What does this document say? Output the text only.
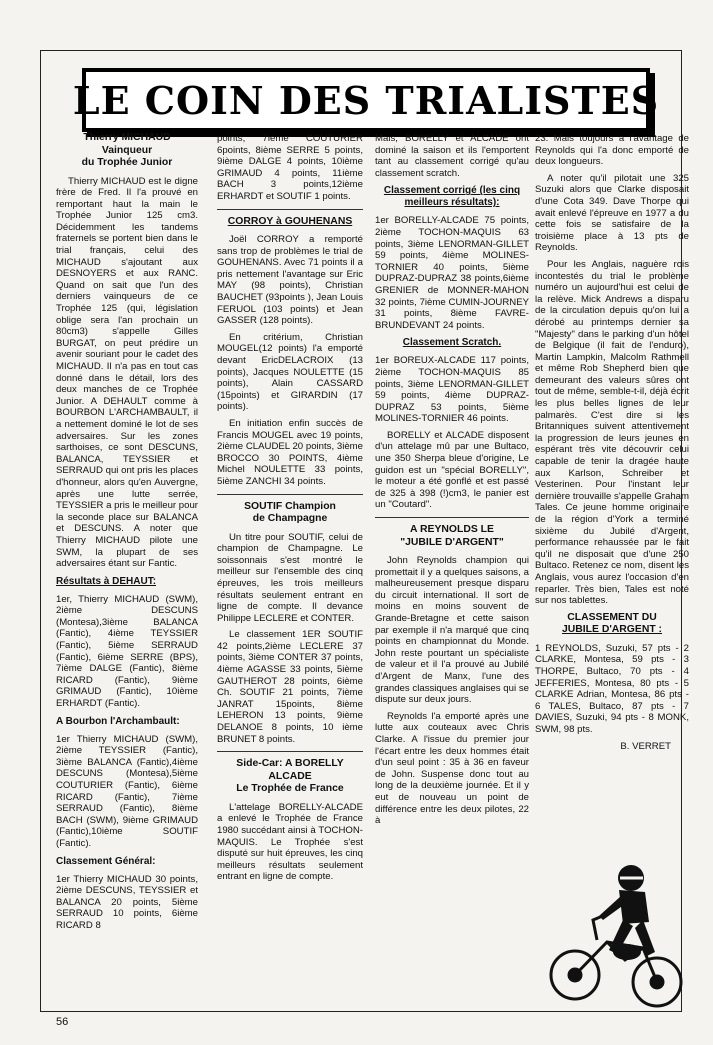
LE COIN DES TRIALISTES
Thierry MICHAUD
Vainqueur
du Trophée Junior

Thierry MICHAUD est le digne frère de Fred. Il l'a prouvé en remportant haut la main le Trophée Junior 125 cm3. Décidemment les tandems fraternels se portent bien dans le trial français, celui des MICHAUD s'ajoutant aux DESNOYERS et aux RANC. Quand on sait que l'un des derniers vainqueurs de ce Trophée 125 (qui, législation oblige sera l'an prochain un 80cm3) s'appelle Gilles BURGAT, on peut prédire un avenir souriant pour le cadet des MICHAUD. Il n'a pas en tout cas donné dans le détail, lors des deux manches de ce Trophée Junior. A DEHAULT comme à BOURBON L'ARCHAMBAULT, il a nettement dominé le lot de ses adversaires. Sur les zones sarthoises, ce sont DESCUNS, BALANCA, TEYSSIER et SERRAUD qui ont pris les places d'honneur, alors qu'en Auvergne, après une lutte serrée, TEYSSIER a pris le meilleur pour la seconde place sur BALANCA et DESCUNS. A noter que Thierry MICHAUD pilote une SWM, la plupart de ses adversaires étant sur Fantic.

Résultats à DEHAUT:

1er, Thierry MICHAUD (SWM), 2ième DESCUNS (Montesa),3ième BALANCA (Fantic), 4ième TEYSSIER (Fantic), 5ième SERRAUD (Fantic), 6ième SERRE (BPS), 7ième DALGE (Fantic), 8ième RICARD (Fantic), 9ième GRIMAUD (Fantic), 10ième ERHARDT (Fantic).

A Bourbon l'Archambault:

1er Thierry MICHAUD (SWM), 2ième TEYSSIER (Fantic), 3ième BALANCA (Fantic),4ième DESCUNS (Montesa),5ième COUTURIER (Fantic), 6ième RICARD (Fantic), 7ième SERRAUD (Fantic), 8ième BACH (SWM), 9ième GRIMAUD (Fantic),10ième SOUTIF (Fantic).

Classement Général:

1er Thierry MICHAUD 30 points, 2ième DESCUNS, TEYSSIER et BALANCA 20 points, 5ième SERRAUD 10 points, 6ième RICARD 8

points, 7ième COUTURIER 6points, 8ième SERRE 5 points, 9ième DALGE 4 points, 10ième GRIMAUD 4 points, 11ième BACH 3 points,12ième ERHARDT et SOUTIF 1 points.

CORROY à GOUHENANS

Joël CORROY a remporté sans trop de problèmes le trial de GOUHENANS. Avec 71 points il a pris nettement l'avantage sur Eric MAY (98 points), Christian BAUCHET (93points ), Jean Louis FERUOL (103 points) et Jean GASSER (128 points).

En critérium, Christian MOUGEL(12 points) l'a emporté devant EricDELACROIX (13 points), Jacques NOULETTE (15 points), Alain CASSARD (15points) et GIRARDIN (17 points).

En initiation enfin succès de Francis MOUGEL avec 19 points, 2ième CLAUDEL 20 points, 3ième BROCCO 30 POINTS, 4ième Michel NOULETTE 33 points, 5ième ZANCHI 34 points.

SOUTIF Champion
de Champagne

Un titre pour SOUTIF, celui de champion de Champagne. Le soissonnais s'est montré le meilleur sur l'ensemble des cinq épreuves, les trois meilleurs résultats seulement entrant en ligne de compte. Il devance Philippe LECLERE et CONTER.

Le classement 1ER SOUTIF 42 points,2ième LECLERE 37 points, 3ième CONTER 37 points, 4ième AGASSE 33 points, 5ième GAUTHEROT 28 points, 6ième Ch. SOUTIF 21 points, 7ième JANRAT 15points, 8ième LEHERON 13 points, 9ième DELANOE 8 points, 10 ième BRUNET 8 points.

Side-Car: A BORELLY
ALCADE
Le Trophée de France

L'attelage BORELLY-ALCADE a enlevé le Trophée de France 1980 succédant ainsi à TOCHON-MAQUIS. Le Trophée s'est disputé sur huit épreuves, les cinq meilleurs résultats seulement entrant en ligne de compte.

Mais, BORELLY et ALCADE ont dominé la saison et ils l'emportent tant au classement corrigé qu'au classement scratch.

Classement corrigé (les cinq meilleurs résultats):

1er BORELLY-ALCADE 75 points, 2ième TOCHON-MAQUIS 63 points, 3ième LENORMAN-GILLET 59 points, 4ième MOLINES-TORNIER 40 points, 5ième DUPRAZ-DUPRAZ 38 points,6ième GRENIER de MONNER-MAHON 32 points, 7ième CUMIN-JOURNEY 31 points, 8ième FAVRE-BRUNDEVANT 24 points.

Classement Scratch.

1er BOREUX-ALCADE 117 points, 2ième TOCHON-MAQUIS 85 points, 3ième LENORMAN-GILLET 59 points, 4ième DUPRAZ-DUPRAZ 53 points, 5ième MOLINES-TORNIER 46 points.

BORELLY et ALCADE disposent d'un attelage mû par une Bultaco, une 350 Sherpa bleue d'origine, Le guidon est un "spécial BORELLY", le moteur a été gonflé et est passé de 325 à 398 (!)cm3, le panier est un "Coutard".

A REYNOLDS LE
"JUBILE D'ARGENT"

John Reynolds champion qui promettait il y a quelques saisons, a malheureusement presque disparu du circuit international. Il sort de moins en moins souvent de Grande-Bretagne et cette saison par exemple il n'a marqué que cinq points en championnat du Monde. John reste pourtant un spécialiste de valeur et il l'a prouvé au Jubilé d'Argent de Manx, l'une des grandes classiques anglaises qui se dispute sur deux jours.

Reynolds l'a emporté après une lutte aux couteaux avec Chris Clarke. A l'issue du premier jour l'écart entre les deux hommes était d'un seul point : 35 à 36 en faveur de John. Suspense donc tout au long de la deuxième journée. Et il y eut de nouveau un point de différence entre les deux pilotes, 22 à

23. Mais toujours à l'avantage de Reynolds qui l'a donc emporté de deux longueurs.

A noter qu'il pilotait une 325 Suzuki alors que Clarke disposait d'une Cota 349. Dave Thorpe qui avait enlevé l'épreuve en 1977 a du cette fois se satisfaire de la troisième place à 13 pts de Reynolds.

Pour les Anglais, naguère rois incontestés du trial le problème numéro un aujourd'hui est celui de la relève. Mick Andrews a disparu de la circulation depuis qu'on lui a dérobé au printemps dernier sa "Majesty" dans le parking d'un hôtel de Belgique (il fait de l'enduro), Martin Lampkin, Malcolm Rathmell et même Rob Shepherd bien que demeurant des valeurs sûres ont tout de même, semble-t-il, déjà écrit les plus belles lignes de leur palmarès. C'est dire si les Britanniques suivent attentivement la progression de leurs jeunes en espérant très vite découvrir celui capable de tenir la dragée haute aux Karlson, Schreiber et Vesterinen. Pour l'instant leur dernière trouvaille s'appelle Graham Tales. Ce jeune homme originaire de la région d'York a terminé sixième du Jubilé d'Argent, performance rehaussée par le fait qu'il ne disposait que d'une 250 Bultaco. Retenez ce nom, disent les Anglais, vous aurez l'occasion d'en reparler. Très bien, Tales est noté sur nos tablettes.

CLASSEMENT DU
JUBILE D'ARGENT :

1 REYNOLDS, Suzuki, 57 pts - 2 CLARKE, Montesa, 59 pts - 3 THORPE, Bultaco, 70 pts - 4 JEFFERIES, Montesa, 80 pts - 5 CLARKE Adrian, Montesa, 86 pts - 6 TALES, Bultaco, 87 pts - 7 DAVIES, Suzuki, 94 pts - 8 MONK, SWM, 98 pts.

B. VERRET
56
